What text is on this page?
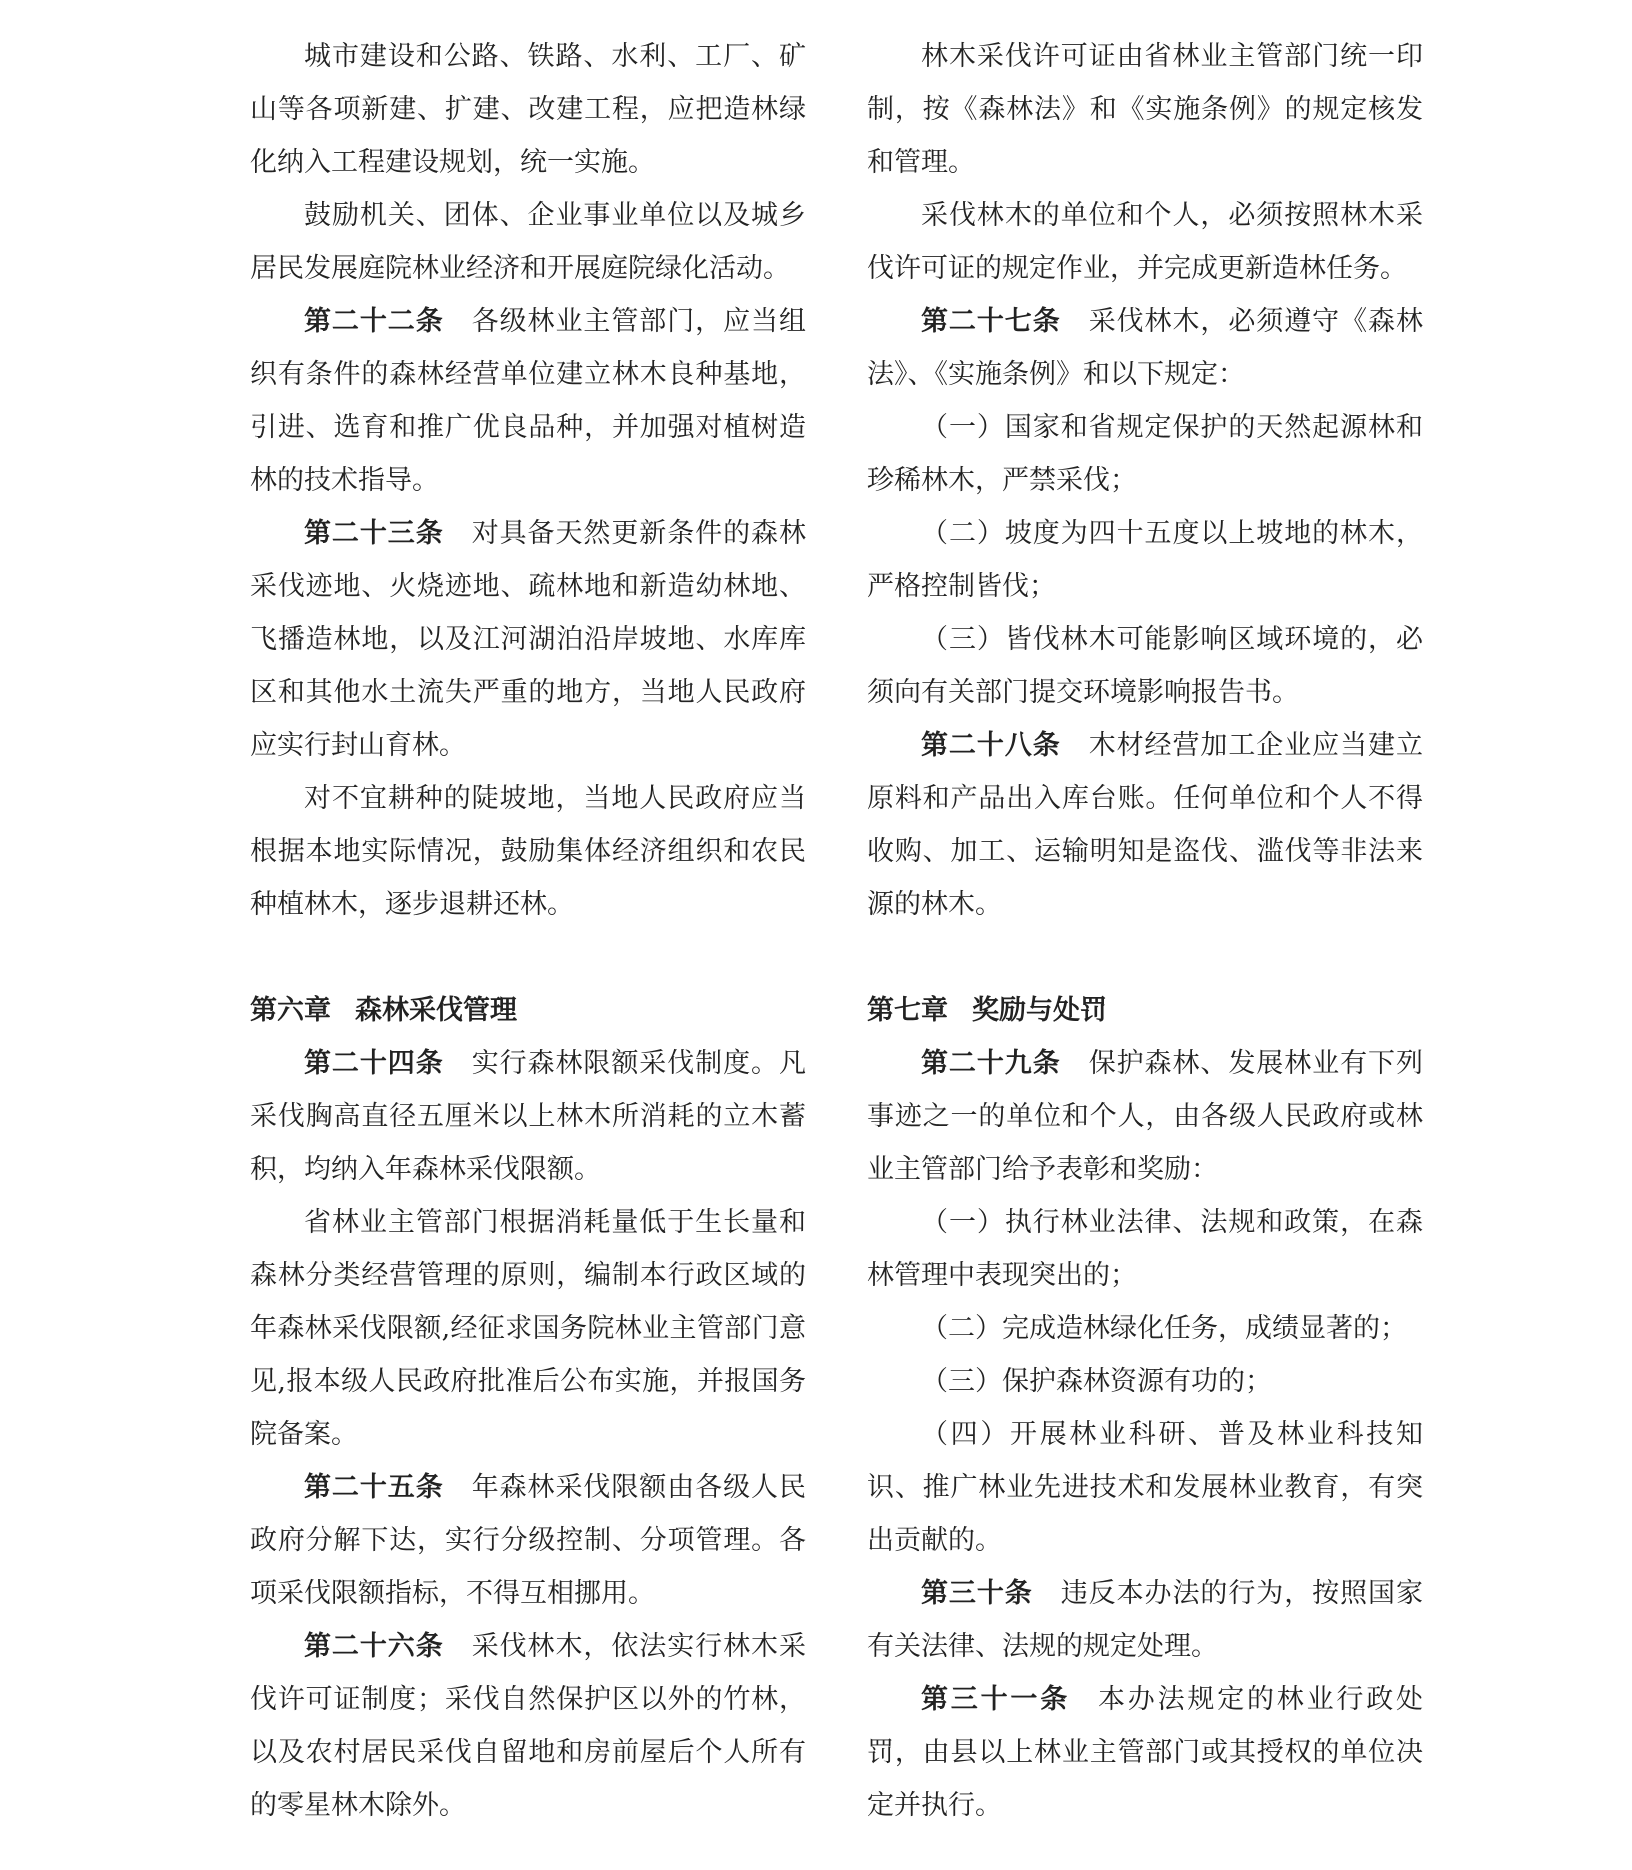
城市建设和公路、铁路、水利、工厂、矿山等各项新建、扩建、改建工程，应把造林绿化纳入工程建设规划，统一实施。

鼓励机关、团体、企业事业单位以及城乡居民发展庭院林业经济和开展庭院绿化活动。

第二十二条 各级林业主管部门，应当组织有条件的森林经营单位建立林木良种基地，引进、选育和推广优良品种，并加强对植树造林的技术指导。

第二十三条 对具备天然更新条件的森林采伐迹地、火烧迹地、疏林地和新造幼林地、飞播造林地，以及江河湖泊沿岸坡地、水库库区和其他水土流失严重的地方，当地人民政府应实行封山育林。

对不宜耕种的陡坡地，当地人民政府应当根据本地实际情况，鼓励集体经济组织和农民种植林木，逐步退耕还林。

第六章 森林采伐管理

第二十四条 实行森林限额采伐制度。凡采伐胸高直径五厘米以上林木所消耗的立木蓄积，均纳入年森林采伐限额。

省林业主管部门根据消耗量低于生长量和森林分类经营管理的原则，编制本行政区域的年森林采伐限额,经征求国务院林业主管部门意见,报本级人民政府批准后公布实施，并报国务院备案。

第二十五条 年森林采伐限额由各级人民政府分解下达，实行分级控制、分项管理。各项采伐限额指标，不得互相挪用。

第二十六条 采伐林木，依法实行林木采伐许可证制度；采伐自然保护区以外的竹林，以及农村居民采伐自留地和房前屋后个人所有的零星林木除外。

林木采伐许可证由省林业主管部门统一印制，按《森林法》和《实施条例》的规定核发和管理。

采伐林木的单位和个人，必须按照林木采伐许可证的规定作业，并完成更新造林任务。

第二十七条 采伐林木，必须遵守《森林法》、《实施条例》和以下规定：

（一）国家和省规定保护的天然起源林和珍稀林木，严禁采伐；

（二）坡度为四十五度以上坡地的林木，严格控制皆伐；

（三）皆伐林木可能影响区域环境的，必须向有关部门提交环境影响报告书。

第二十八条 木材经营加工企业应当建立原料和产品出入库台账。任何单位和个人不得收购、加工、运输明知是盗伐、滥伐等非法来源的林木。

第七章 奖励与处罚

第二十九条 保护森林、发展林业有下列事迹之一的单位和个人，由各级人民政府或林业主管部门给予表彰和奖励：

（一）执行林业法律、法规和政策，在森林管理中表现突出的；

（二）完成造林绿化任务，成绩显著的；

（三）保护森林资源有功的；

（四）开展林业科研、普及林业科技知识、推广林业先进技术和发展林业教育，有突出贡献的。

第三十条 违反本办法的行为，按照国家有关法律、法规的规定处理。

第三十一条 本办法规定的林业行政处罚，由县以上林业主管部门或其授权的单位决定并执行。
